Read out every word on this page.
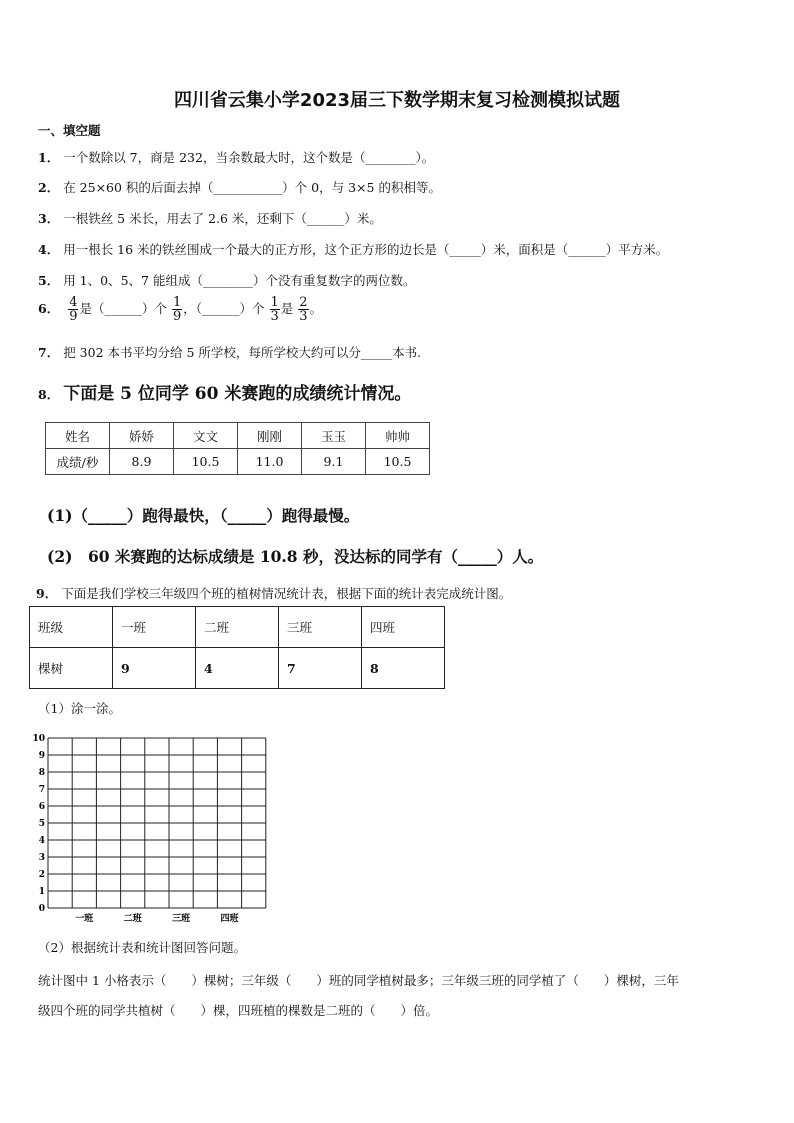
四川省云集小学2023届三下数学期末复习检测模拟试题
一、填空题
1． 一个数除以 7，商是 232，当余数最大时，这个数是（________）。
2． 在 25×60 积的后面去掉（___________）个 0，与 3×5 的积相等。
3． 一根铁丝 5 米长，用去了 2.6 米，还剩下（______）米。
4． 用一根长 16 米的铁丝围成一个最大的正方形，这个正方形的边长是（_____）米，面积是（______）平方米。
5． 用 1、0、5、7 能组成（________）个没有重复数字的两位数。
6． $\frac{4}{9}$ 是（______）个 $\frac{1}{9}$ ，（______）个 $\frac{1}{3}$ 是 $\frac{2}{3}$ 。
7． 把 302 本书平均分给 5 所学校，每所学校大约可以分_____本书.
8． 下面是 5 位同学 60 米赛跑的成绩统计情况。
姓名	娇娇	文文	刚刚	玉玉	帅帅
成绩/秒	8.9	10.5	11.0	9.1	10.5
(1)（_____）跑得最快，（_____）跑得最慢。
(2)　60 米赛跑的达标成绩是 10.8 秒，没达标的同学有（_____）人。
9． 下面是我们学校三年级四个班的植树情况统计表，根据下面的统计表完成统计图。
班级	一班	二班	三班	四班
棵树	9	4	7	8
（1）涂一涂。
0
1
2
3
4
5
6
7
8
9
10
一班	二班	三班	四班
（2）根据统计表和统计图回答问题。
统计图中 1 小格表示（　　）棵树；三年级（　　）班的同学植树最多；三年级三班的同学植了（　　）棵树，三年
级四个班的同学共植树（　　）棵，四班植的棵数是二班的（　　）倍。
